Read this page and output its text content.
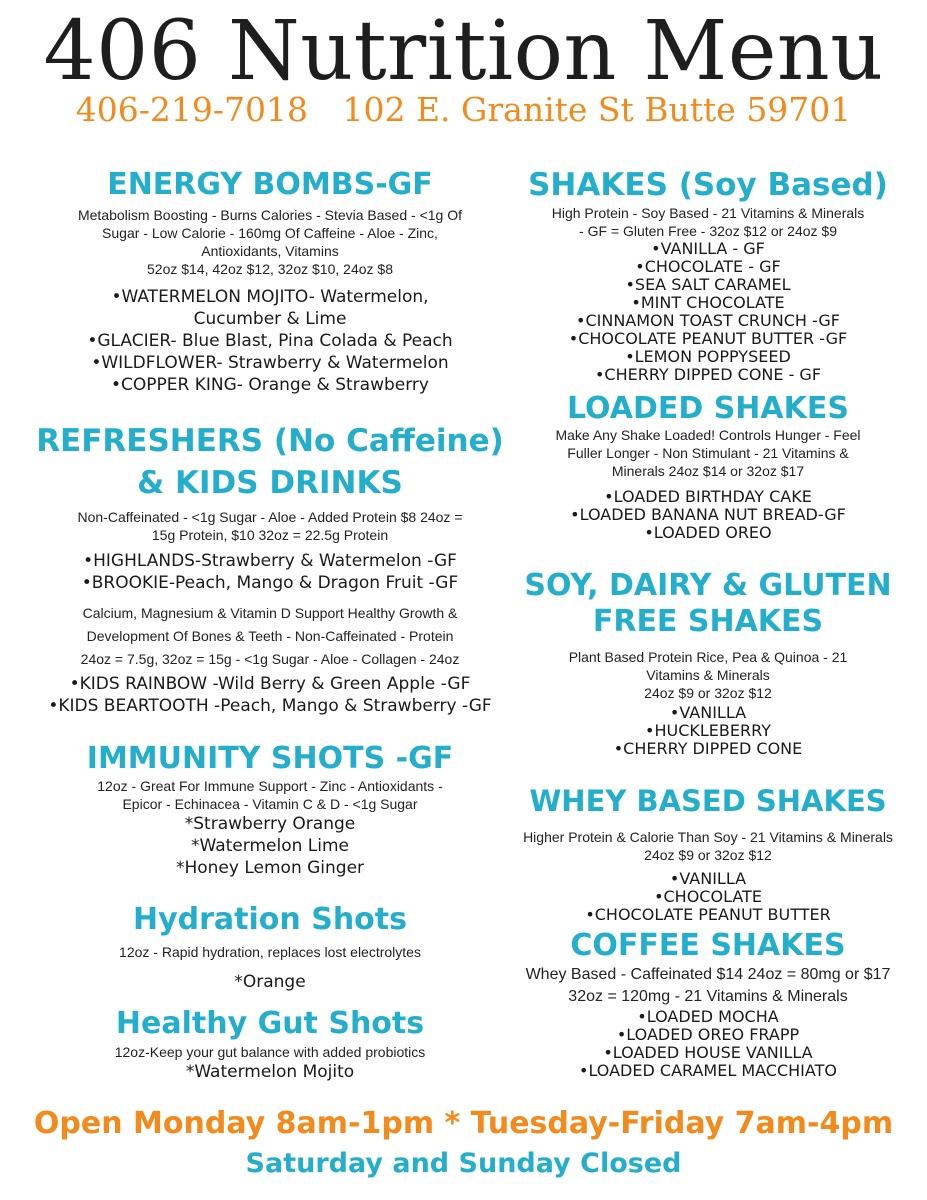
406 Nutrition Menu
406-219-7018 102 E. Granite St Butte 59701
ENERGY BOMBS-GF
Metabolism Boosting - Burns Calories - Stevia Based - <1g Of
Sugar - Low Calorie - 160mg Of Caffeine - Aloe - Zinc,
Antioxidants, Vitamins
52oz $14, 42oz $12, 32oz $10, 24oz $8
•WATERMELON MOJITO- Watermelon,
Cucumber & Lime
•GLACIER- Blue Blast, Pina Colada & Peach
•WILDFLOWER- Strawberry & Watermelon
•COPPER KING- Orange & Strawberry
REFRESHERS (No Caffeine)
& KIDS DRINKS
Non-Caffeinated - <1g Sugar - Aloe - Added Protein $8 24oz =
15g Protein, $10 32oz = 22.5g Protein
•HIGHLANDS-Strawberry & Watermelon -GF
•BROOKIE-Peach, Mango & Dragon Fruit -GF
Calcium, Magnesium & Vitamin D Support Healthy Growth &
Development Of Bones & Teeth - Non-Caffeinated - Protein
24oz = 7.5g, 32oz = 15g - <1g Sugar - Aloe - Collagen - 24oz
•KIDS RAINBOW -Wild Berry & Green Apple -GF
•KIDS BEARTOOTH -Peach, Mango & Strawberry -GF
IMMUNITY SHOTS -GF
12oz - Great For Immune Support - Zinc - Antioxidants -
Epicor - Echinacea - Vitamin C & D - <1g Sugar
*Strawberry Orange
*Watermelon Lime
*Honey Lemon Ginger
Hydration Shots
12oz - Rapid hydration, replaces lost electrolytes
*Orange
Healthy Gut Shots
12oz-Keep your gut balance with added probiotics
*Watermelon Mojito
SHAKES (Soy Based)
High Protein - Soy Based - 21 Vitamins & Minerals
- GF = Gluten Free - 32oz $12 or 24oz $9
•VANILLA - GF
•CHOCOLATE - GF
•SEA SALT CARAMEL
•MINT CHOCOLATE
•CINNAMON TOAST CRUNCH -GF
•CHOCOLATE PEANUT BUTTER -GF
•LEMON POPPYSEED
•CHERRY DIPPED CONE - GF
LOADED SHAKES
Make Any Shake Loaded! Controls Hunger - Feel
Fuller Longer - Non Stimulant - 21 Vitamins &
Minerals 24oz $14 or 32oz $17
•LOADED BIRTHDAY CAKE
•LOADED BANANA NUT BREAD-GF
•LOADED OREO
SOY, DAIRY & GLUTEN
FREE SHAKES
Plant Based Protein Rice, Pea & Quinoa - 21
Vitamins & Minerals
24oz $9 or 32oz $12
•VANILLA
•HUCKLEBERRY
•CHERRY DIPPED CONE
WHEY BASED SHAKES
Higher Protein & Calorie Than Soy - 21 Vitamins & Minerals
24oz $9 or 32oz $12
•VANILLA
•CHOCOLATE
•CHOCOLATE PEANUT BUTTER
COFFEE SHAKES
Whey Based - Caffeinated $14 24oz = 80mg or $17
32oz = 120mg - 21 Vitamins & Minerals
•LOADED MOCHA
•LOADED OREO FRAPP
•LOADED HOUSE VANILLA
•LOADED CARAMEL MACCHIATO
Open Monday 8am-1pm * Tuesday-Friday 7am-4pm
Saturday and Sunday Closed
